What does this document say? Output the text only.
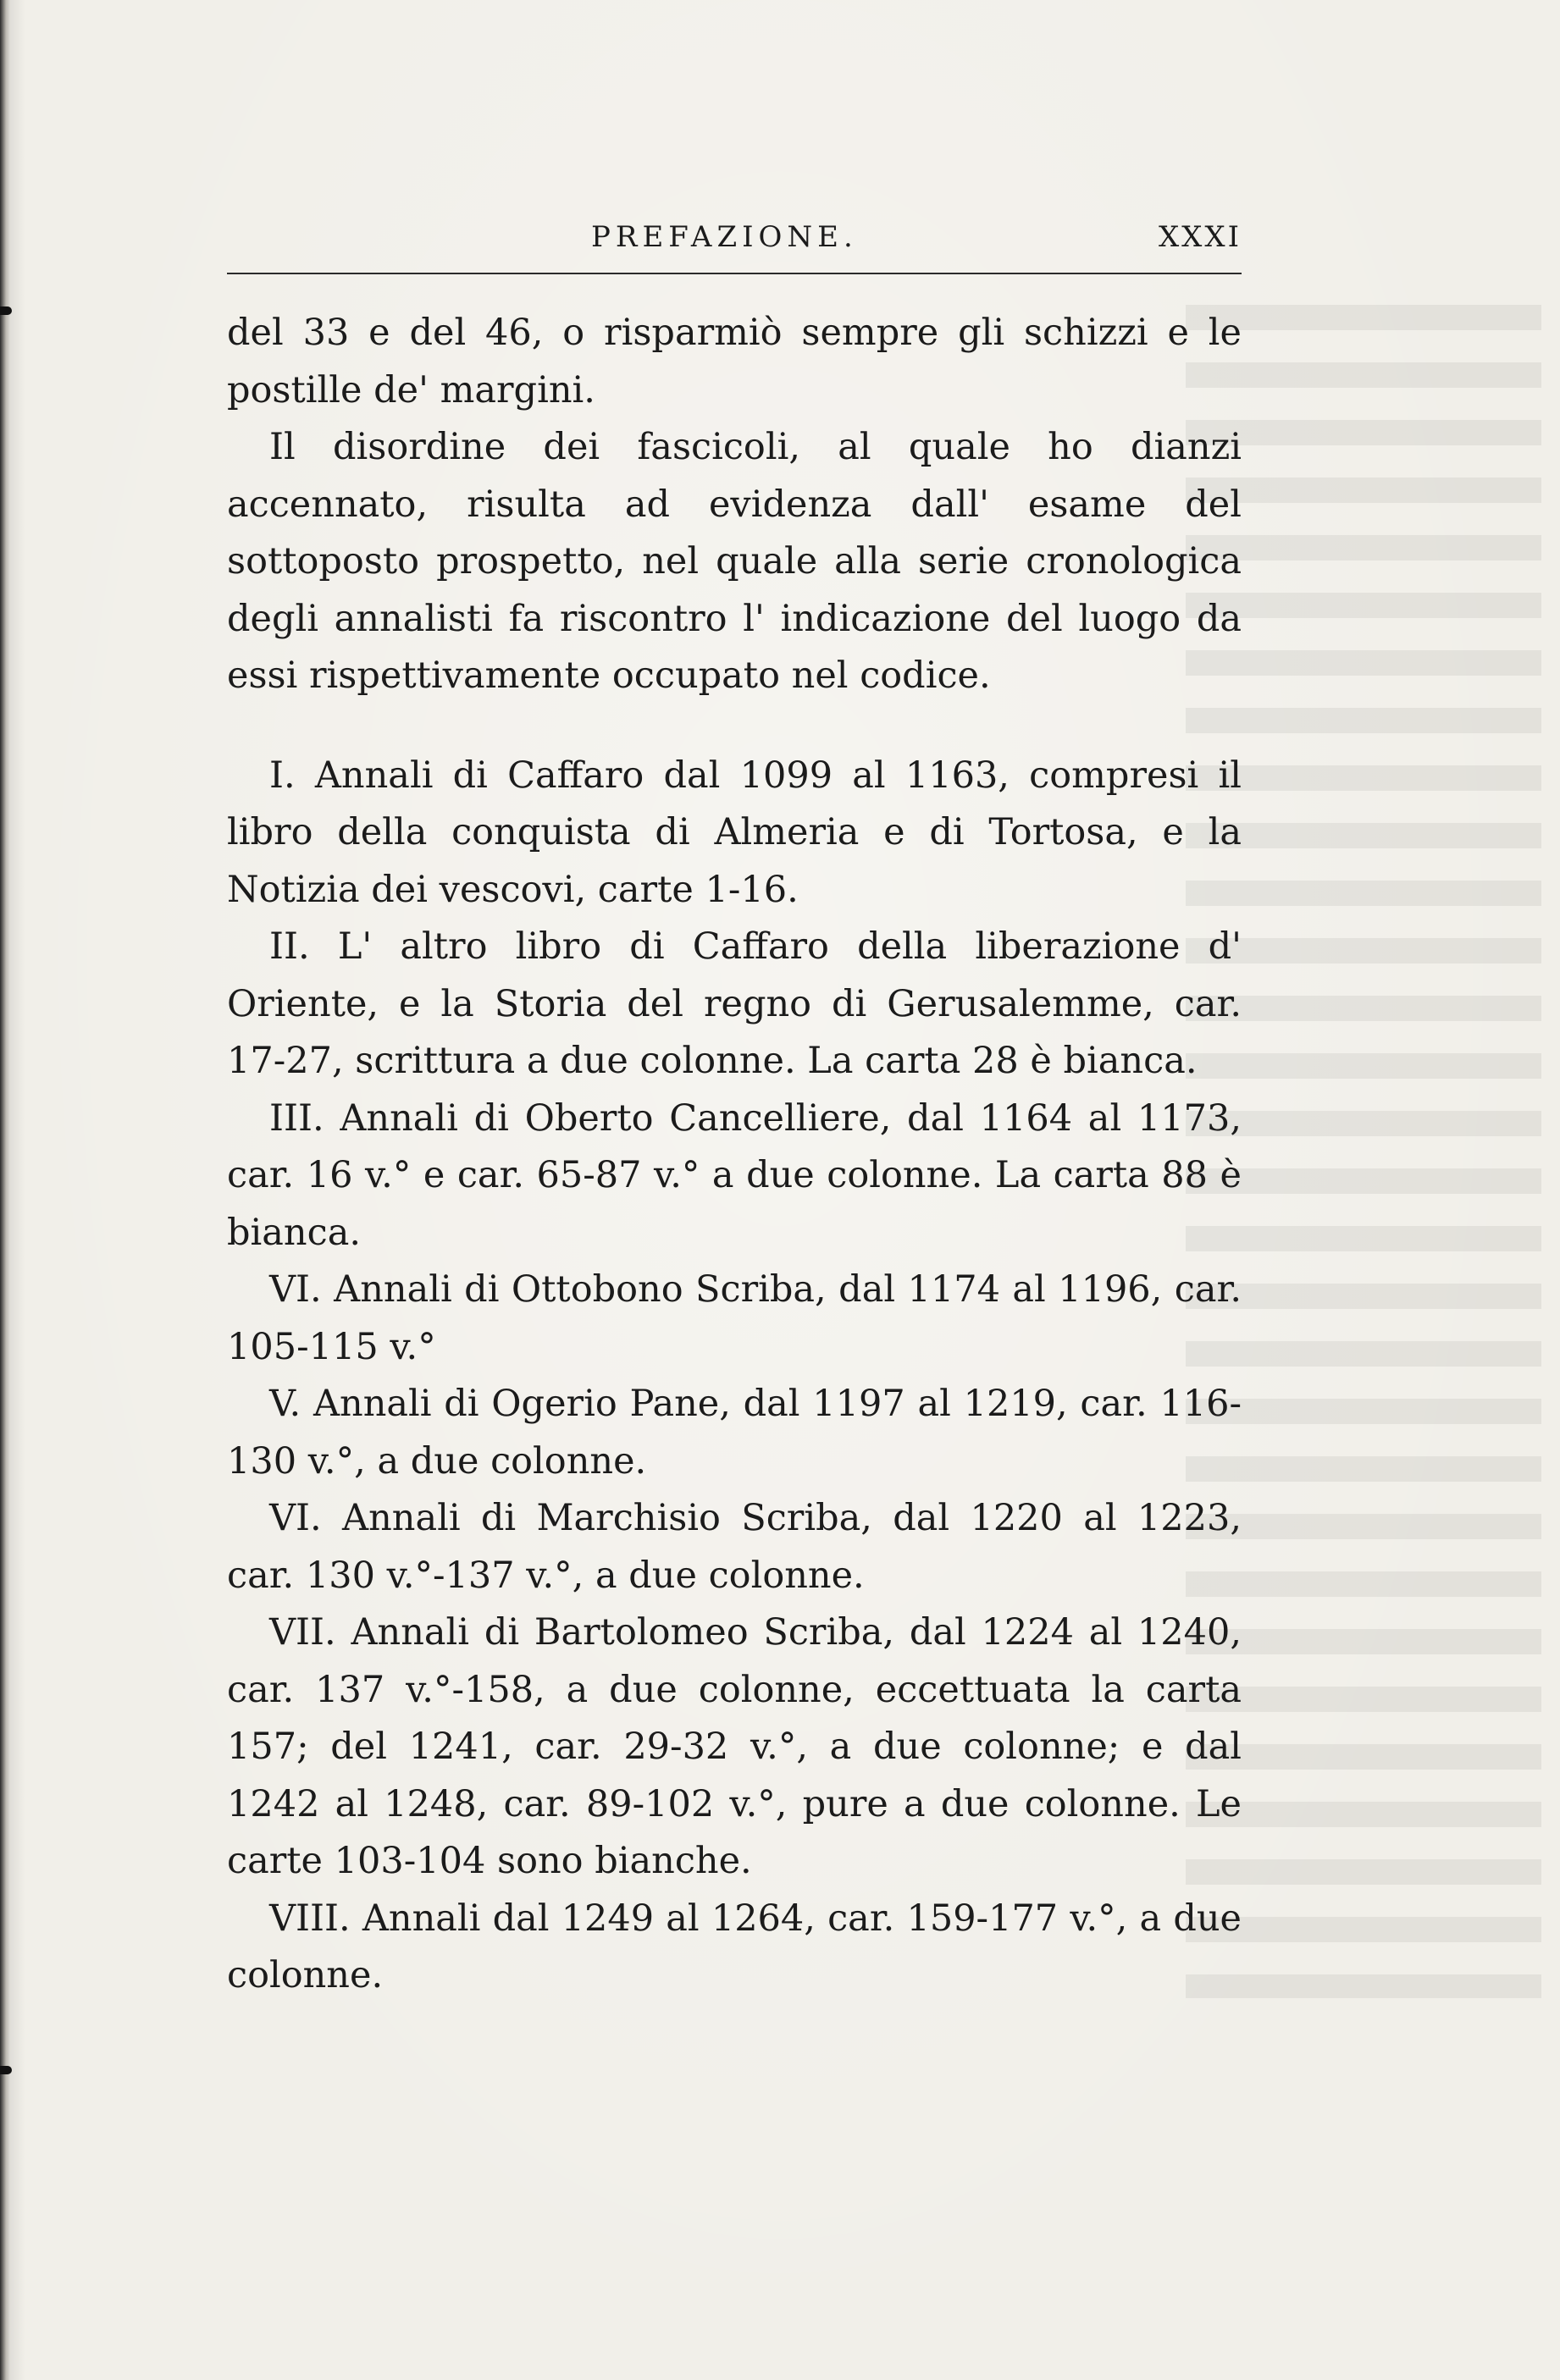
PREFAZIONE.	XXXI

del 33 e del 46, o risparmiò sempre gli schizzi e le postille de' margini.

Il disordine dei fascicoli, al quale ho dianzi accennato, risulta ad evidenza dall' esame del sottoposto prospetto, nel quale alla serie cronologica degli annalisti fa riscontro l' indicazione del luogo da essi rispettivamente occupato nel codice.

I. Annali di Caffaro dal 1099 al 1163, compresi il libro della conquista di Almeria e di Tortosa, e la Notizia dei vescovi, carte 1-16.

II. L' altro libro di Caffaro della liberazione d' Oriente, e la Storia del regno di Gerusalemme, car. 17-27, scrittura a due colonne. La carta 28 è bianca.

III. Annali di Oberto Cancelliere, dal 1164 al 1173, car. 16 v.° e car. 65-87 v.° a due colonne. La carta 88 è bianca.

VI. Annali di Ottobono Scriba, dal 1174 al 1196, car. 105-115 v.°

V. Annali di Ogerio Pane, dal 1197 al 1219, car. 116-130 v.°, a due colonne.

VI. Annali di Marchisio Scriba, dal 1220 al 1223, car. 130 v.°-137 v.°, a due colonne.

VII. Annali di Bartolomeo Scriba, dal 1224 al 1240, car. 137 v.°-158, a due colonne, eccettuata la carta 157; del 1241, car. 29-32 v.°, a due colonne; e dal 1242 al 1248, car. 89-102 v.°, pure a due colonne. Le carte 103-104 sono bianche.

VIII. Annali dal 1249 al 1264, car. 159-177 v.°, a due colonne.
